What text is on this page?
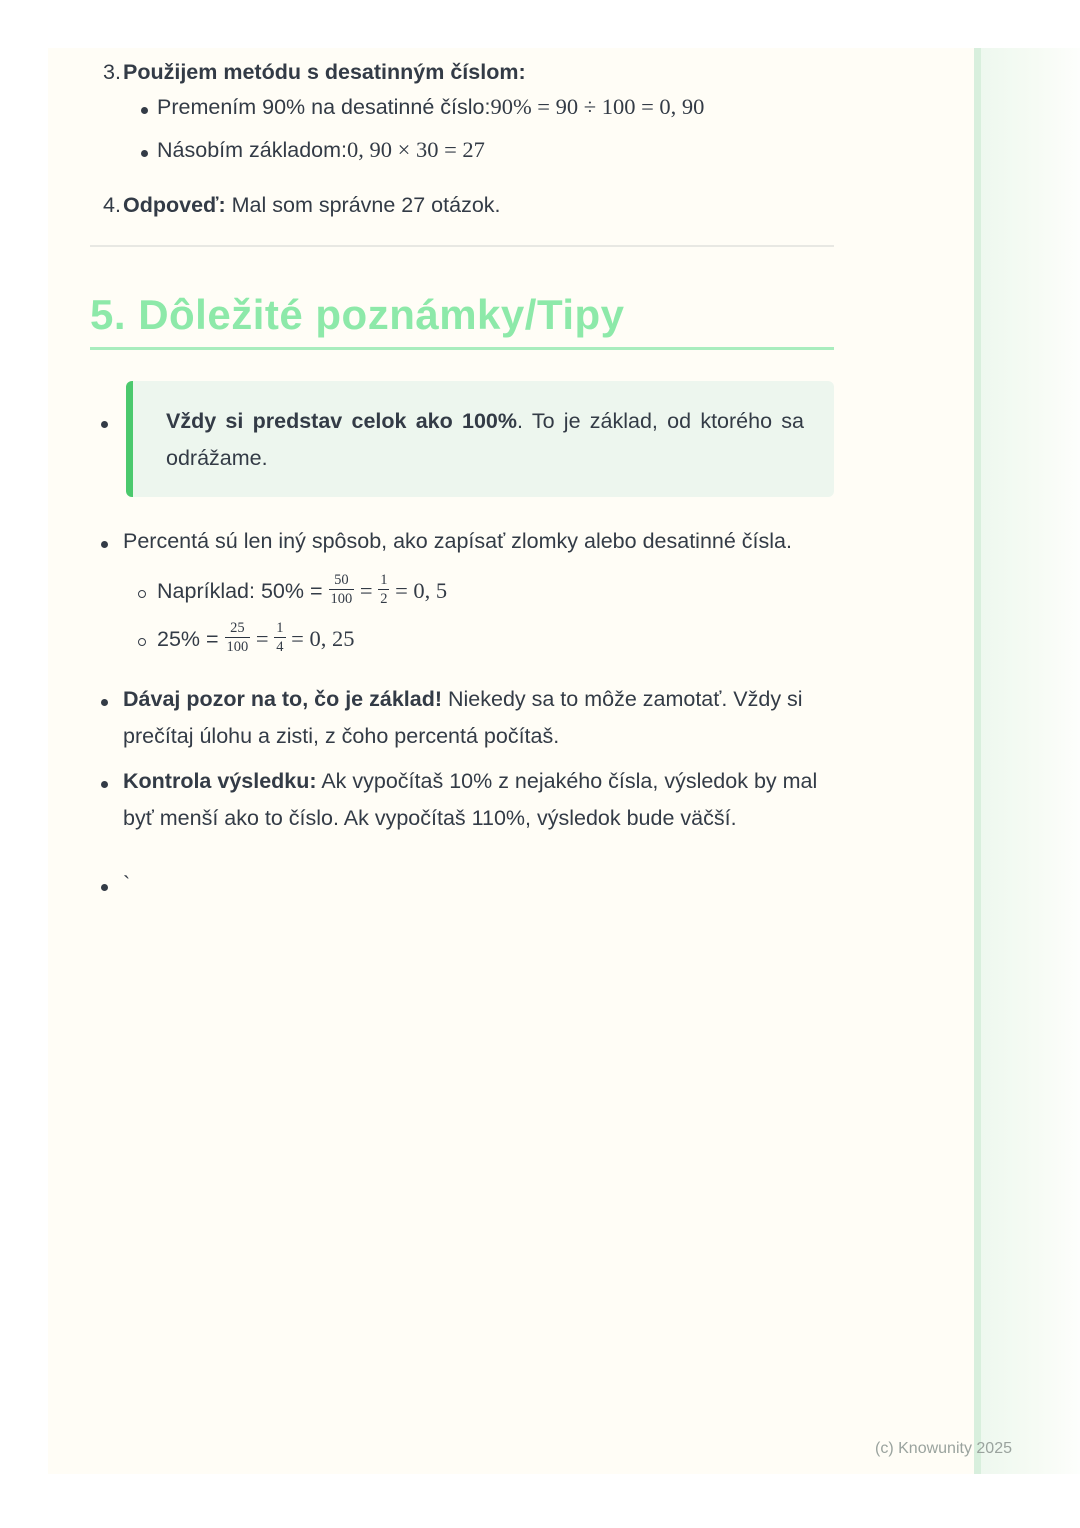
3. Použijem metódu s desatinným číslom:
Premením 90% na desatinné číslo:90% = 90 ÷ 100 = 0, 90
Násobím základom:0, 90 × 30 = 27
4. Odpoveď: Mal som správne 27 otázok.
5. Dôležité poznámky/Tipy
Vždy si predstav celok ako 100%. To je základ, od ktorého sa odrážame.
Percentá sú len iný spôsob, ako zapísať zlomky alebo desatinné čísla.
Napríklad: $50\% = \frac{50}{100} = \frac{1}{2} = 0$, 5
$25\% = \frac{25}{100} = \frac{1}{4} = 0$, 25
Dávaj pozor na to, čo je základ! Niekedy sa to môže zamotať. Vždy si prečítaj úlohu a zisti, z čoho percentá počítaš.
Kontrola výsledku: Ak vypočítaš 10% z nejakého čísla, výsledok by mal byť menší ako to číslo. Ak vypočítaš 110%, výsledok bude väčší.
`
(c) Knowunity 2025
